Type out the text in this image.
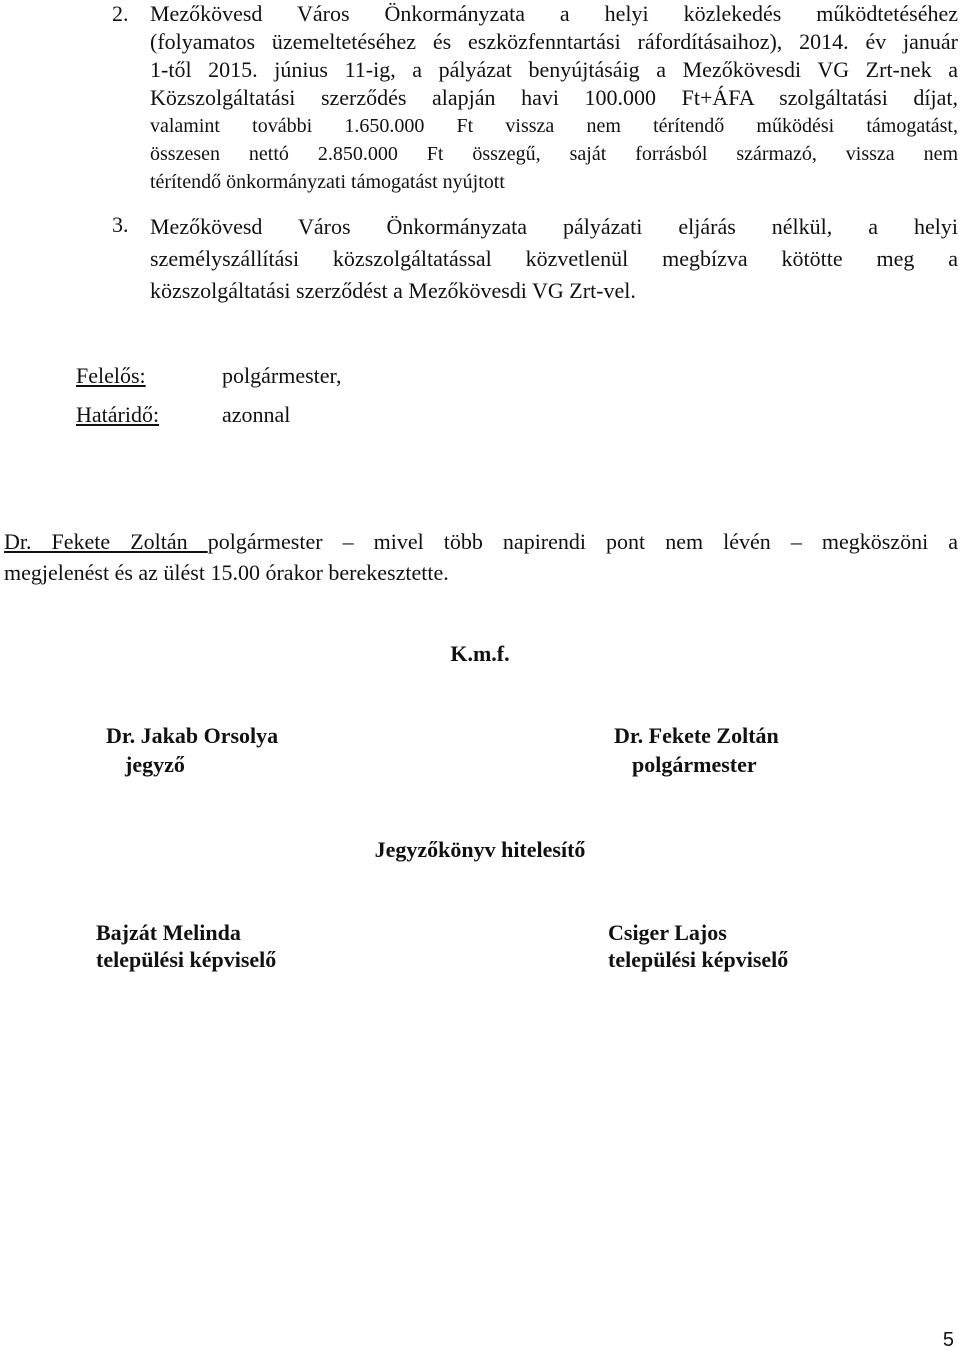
2. Mezőkövesd Város Önkormányzata a helyi közlekedés működtetéséhez
(folyamatos üzemeltetéséhez és eszközfenntartási ráfordításaihoz), 2014. év január
1-től 2015. június 11-ig, a pályázat benyújtásáig a Mezőkövesdi VG Zrt-nek a
Közszolgáltatási szerződés alapján havi 100.000 Ft+ÁFA szolgáltatási díjat,
valamint további 1.650.000 Ft vissza nem térítendő működési támogatást,
összesen nettó 2.850.000 Ft összegű, saját forrásból származó, vissza nem
térítendő önkormányzati támogatást nyújtott

3. Mezőkövesd Város Önkormányzata pályázati eljárás nélkül, a helyi
személyszállítási közszolgáltatással közvetlenül megbízva kötötte meg a
közszolgáltatási szerződést a Mezőkövesdi VG Zrt-vel.

Felelős:	polgármester,
Határidő:	azonnal

Dr. Fekete Zoltán polgármester – mivel több napirendi pont nem lévén – megköszöni a
megjelenést és az ülést 15.00 órakor berekesztette.

K.m.f.
Dr. Jakab Orsolya
jegyző
Dr. Fekete Zoltán
polgármester
Jegyzőkönyv hitelesítő
Bajzát Melinda
települési képviselő
Csiger Lajos
települési képviselő
5
